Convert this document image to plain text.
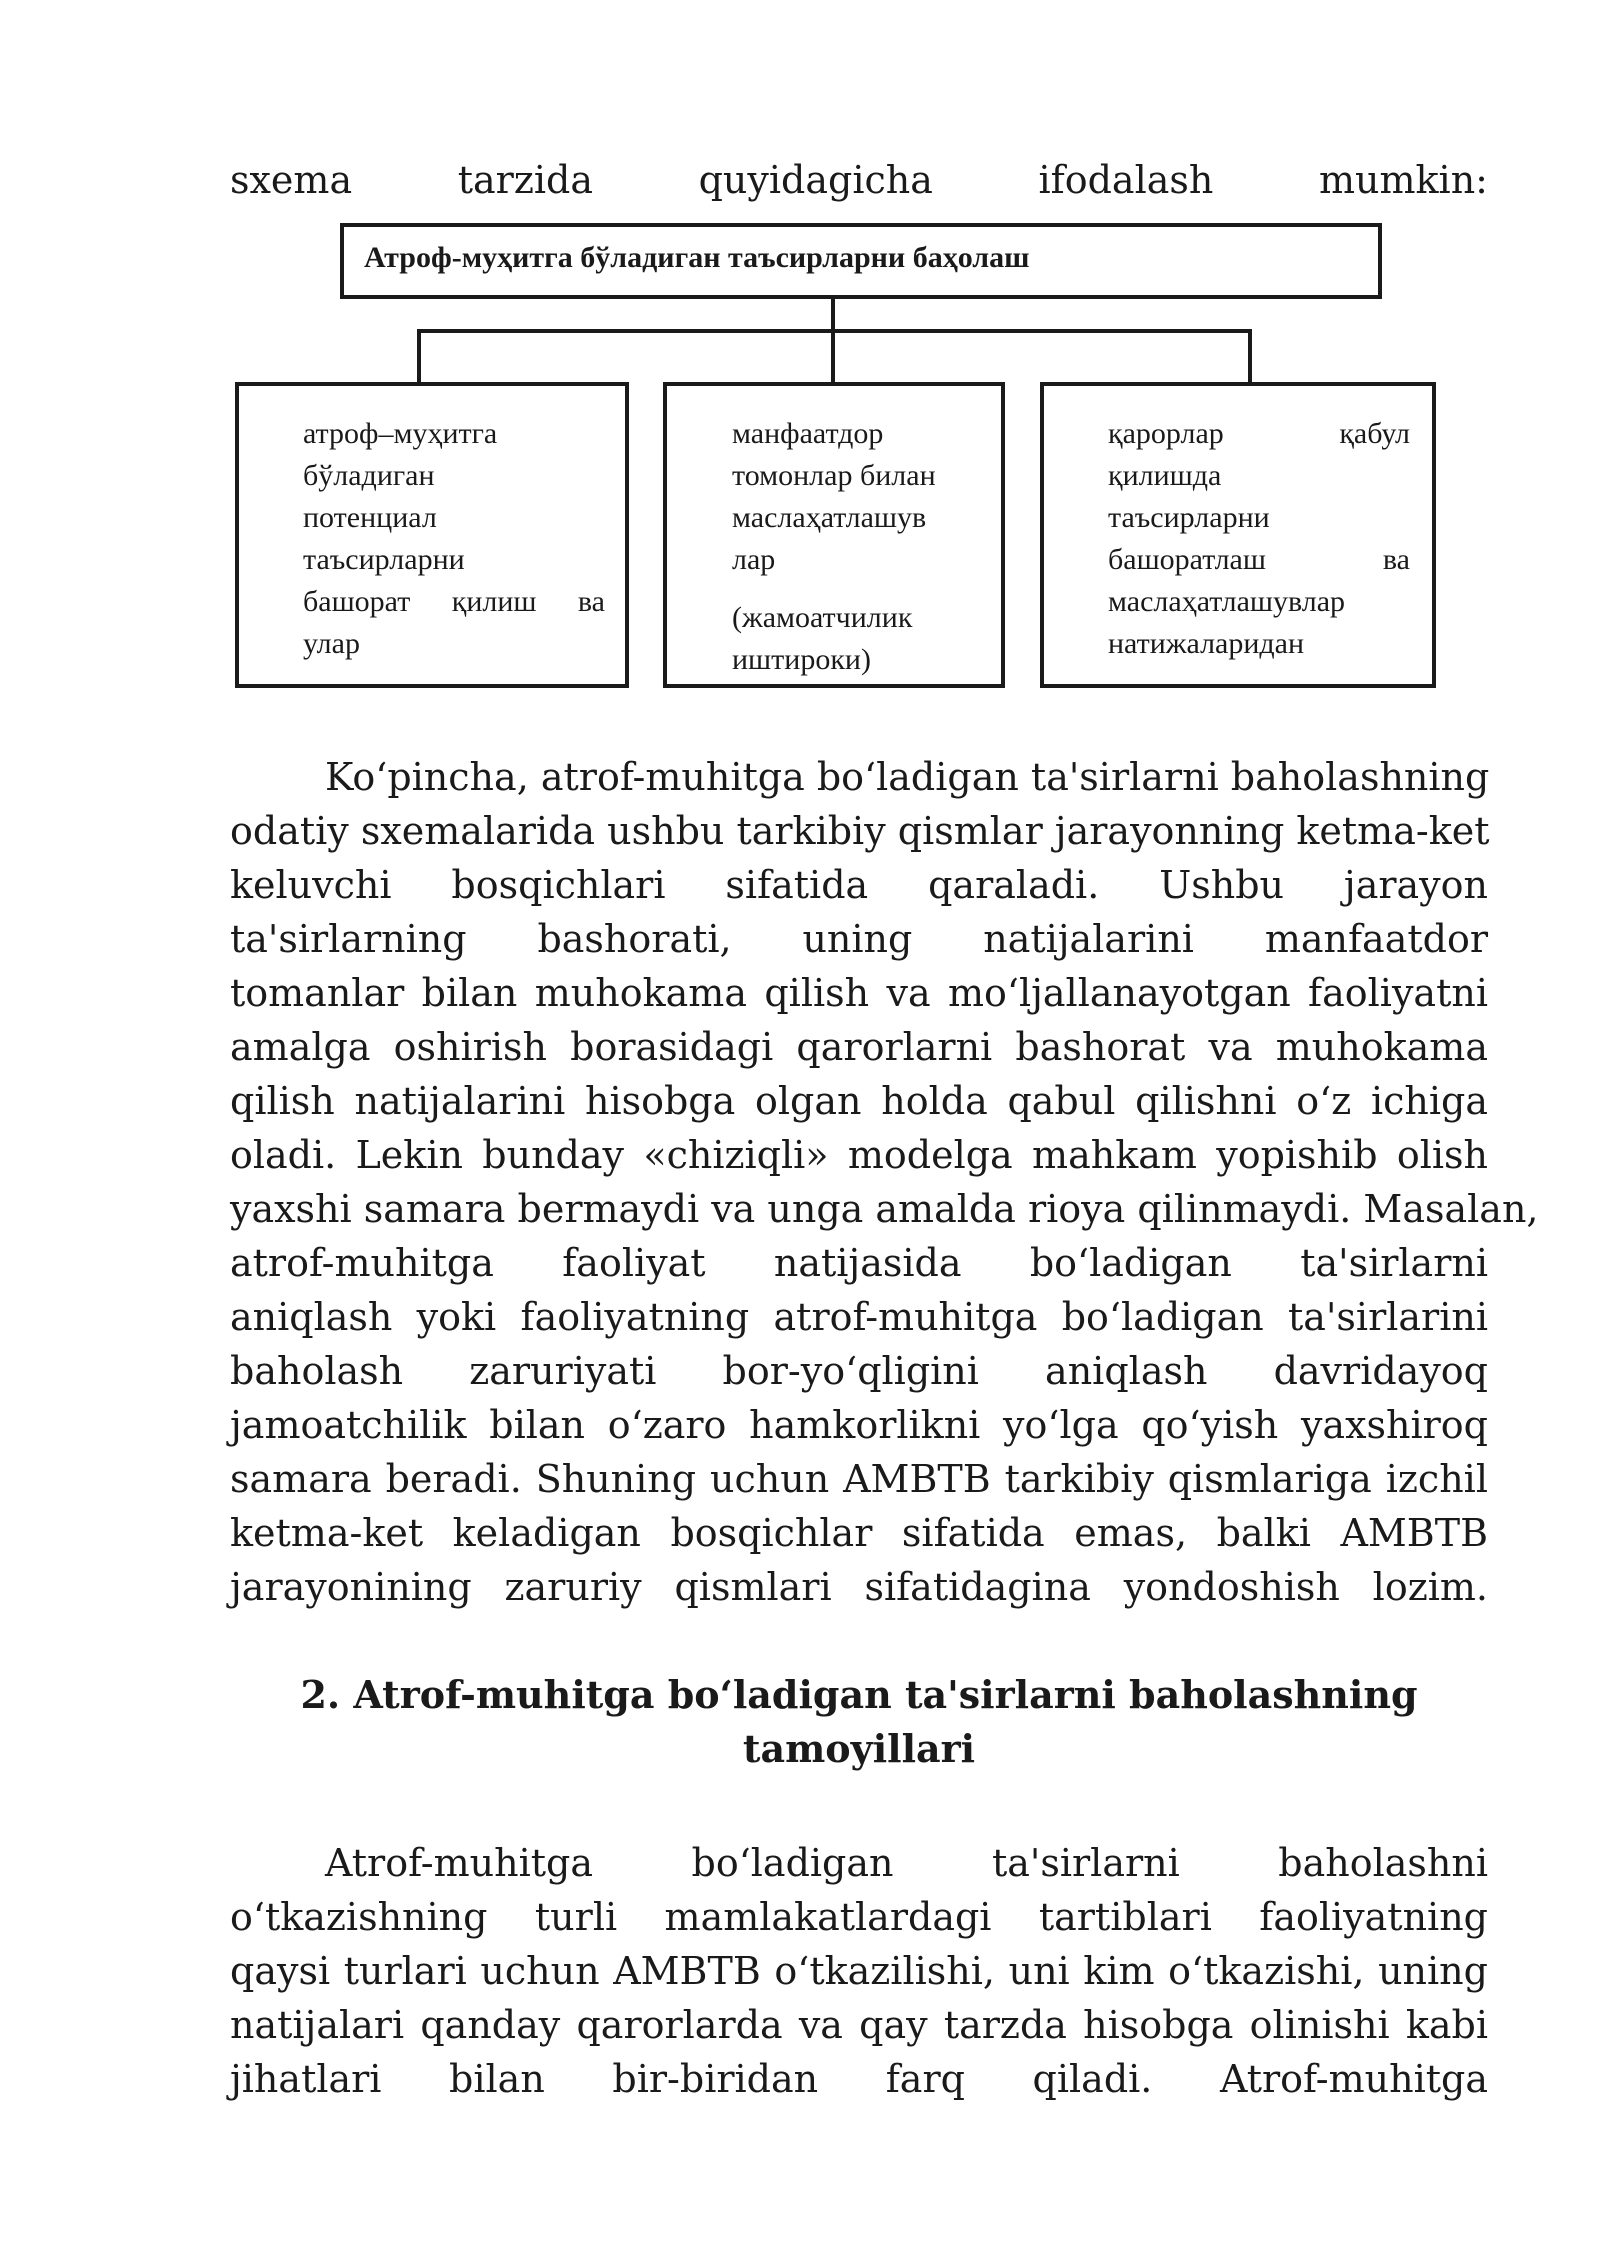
sxema tarzida quyidagicha ifodalash mumkin:

Атроф-муҳитга бўладиган таъсирларни баҳолаш
атроф–муҳитга
бўладиган
потенциал
таъсирларни
башорат қилиш ва
улар
манфаатдор
томонлар билан
маслаҳатлашув
лар
(жамоатчилик
иштироки)
қарорлар қабул
қилишда
таъсирларни
башоратлаш ва
маслаҳатлашувлар
натижаларидан

Koʻpincha, atrof-muhitga boʻladigan ta'sirlarni baholashning

odatiy sxemalarida ushbu tarkibiy qismlar jarayonning ketma-ket

keluvchi bosqichlari sifatida qaraladi. Ushbu jarayon

ta'sirlarning bashorati, uning natijalarini manfaatdor

tomanlar bilan muhokama qilish va moʻljallanayotgan faoliyatni

amalga oshirish borasidagi qarorlarni bashorat va muhokama

qilish natijalarini hisobga olgan holda qabul qilishni oʻz ichiga

oladi. Lekin bunday «chiziqli» modelga mahkam yopishib olish

yaxshi samara bermaydi va unga amalda rioya qilinmaydi. Masalan,

atrof-muhitga faoliyat natijasida boʻladigan ta'sirlarni

aniqlash yoki faoliyatning atrof-muhitga boʻladigan ta'sirlarini

baholash zaruriyati bor-yoʻqligini aniqlash davridayoq

jamoatchilik bilan oʻzaro hamkorlikni yoʻlga qoʻyish yaxshiroq

samara beradi. Shuning uchun AMBTB tarkibiy qismlariga izchil

ketma-ket keladigan bosqichlar sifatida emas, balki AMBTB

jarayonining zaruriy qismlari sifatidagina yondoshish lozim.

2. Atrof-muhitga boʻladigan ta'sirlarni baholashning

tamoyillari

Atrof-muhitga boʻladigan ta'sirlarni baholashni

oʻtkazishning turli mamlakatlardagi tartiblari faoliyatning

qaysi turlari uchun AMBTB oʻtkazilishi, uni kim oʻtkazishi, uning

natijalari qanday qarorlarda va qay tarzda hisobga olinishi kabi

jihatlari bilan bir-biridan farq qiladi. Atrof-muhitga
